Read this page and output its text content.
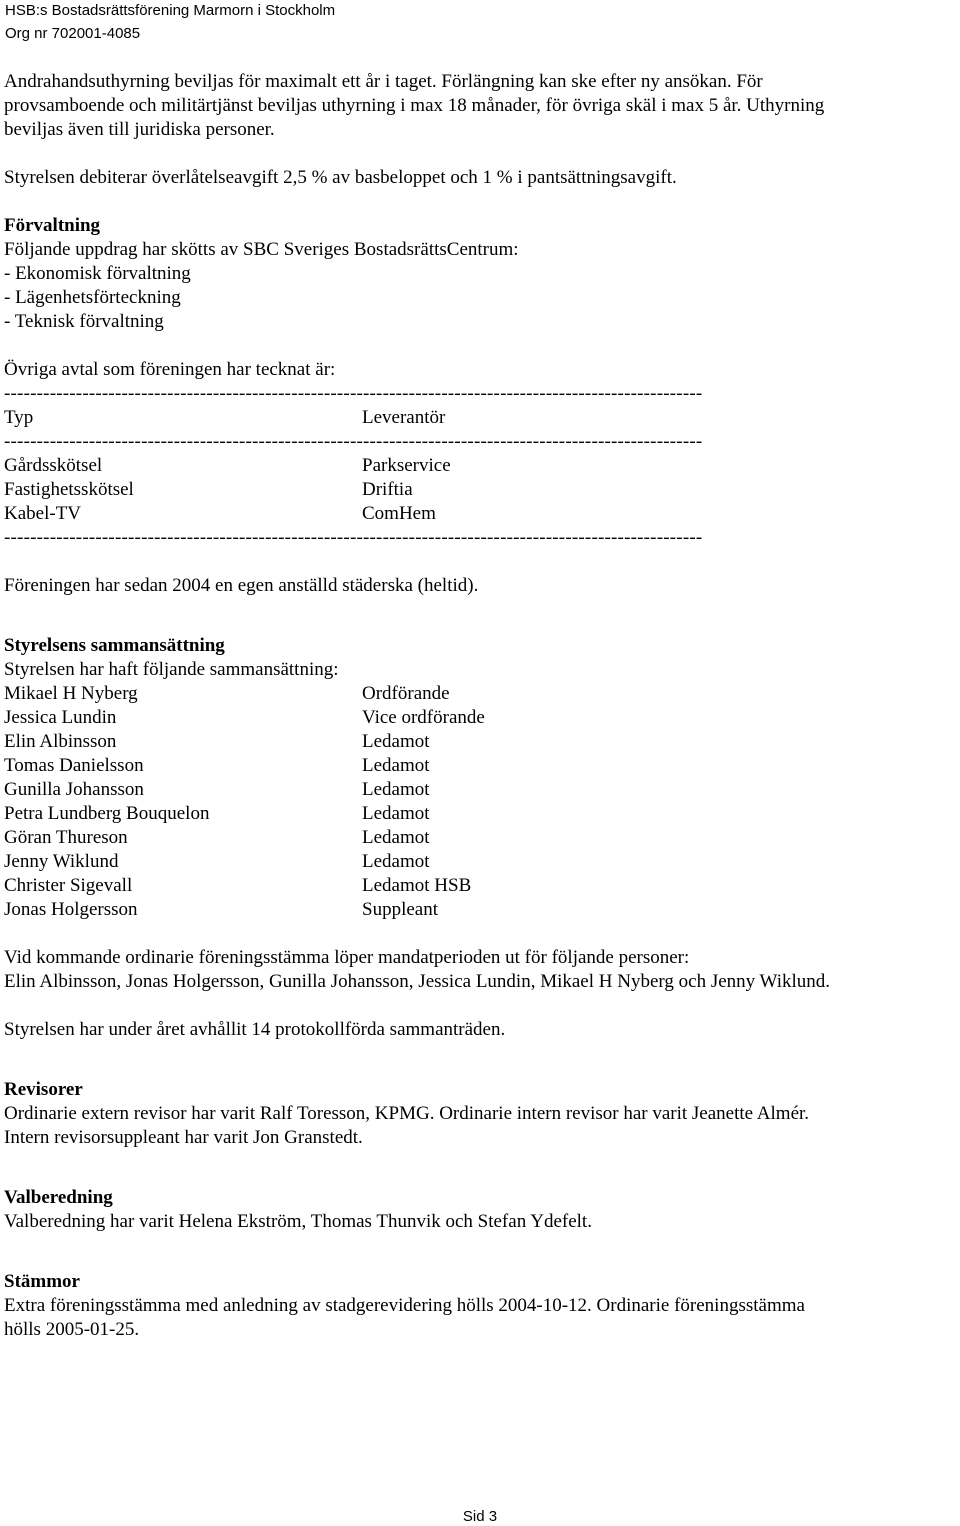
HSB:s Bostadsrättsförening Marmorn i Stockholm
Org nr 702001-4085
Andrahandsuthyrning beviljas för maximalt ett år i taget. Förlängning kan ske efter ny ansökan. För
provsamboende och militärtjänst beviljas uthyrning i max 18 månader, för övriga skäl i max 5 år. Uthyrning
beviljas även till juridiska personer.
Styrelsen debiterar överlåtelseavgift 2,5 % av basbeloppet och 1 % i pantsättningsavgift.
Förvaltning
Följande uppdrag har skötts av SBC Sveriges BostadsrättsCentrum:
- Ekonomisk förvaltning
- Lägenhetsförteckning
- Teknisk förvaltning
Övriga avtal som föreningen har tecknat är:
-----------------------------------------------------------------------------------------------------------
Typ	Leverantör
-----------------------------------------------------------------------------------------------------------
Gårdsskötsel	Parkservice
Fastighetsskötsel	Driftia
Kabel-TV	ComHem
-----------------------------------------------------------------------------------------------------------
Föreningen har sedan 2004 en egen anställd städerska (heltid).
Styrelsens sammansättning
Styrelsen har haft följande sammansättning:
Mikael H Nyberg	Ordförande
Jessica Lundin	Vice ordförande
Elin Albinsson	Ledamot
Tomas Danielsson	Ledamot
Gunilla Johansson	Ledamot
Petra Lundberg Bouquelon	Ledamot
Göran Thureson	Ledamot
Jenny Wiklund	Ledamot
Christer Sigevall	Ledamot HSB
Jonas Holgersson	Suppleant
Vid kommande ordinarie föreningsstämma löper mandatperioden ut för följande personer:
Elin Albinsson, Jonas Holgersson, Gunilla Johansson, Jessica Lundin, Mikael H Nyberg och Jenny Wiklund.
Styrelsen har under året avhållit 14 protokollförda sammanträden.
Revisorer
Ordinarie extern revisor har varit Ralf Toresson, KPMG. Ordinarie intern revisor har varit Jeanette Almér.
Intern revisorsuppleant har varit Jon Granstedt.
Valberedning
Valberedning har varit Helena Ekström, Thomas Thunvik och Stefan Ydefelt.
Stämmor
Extra föreningsstämma med anledning av stadgerevidering hölls 2004-10-12. Ordinarie föreningsstämma
hölls 2005-01-25.
Sid 3
